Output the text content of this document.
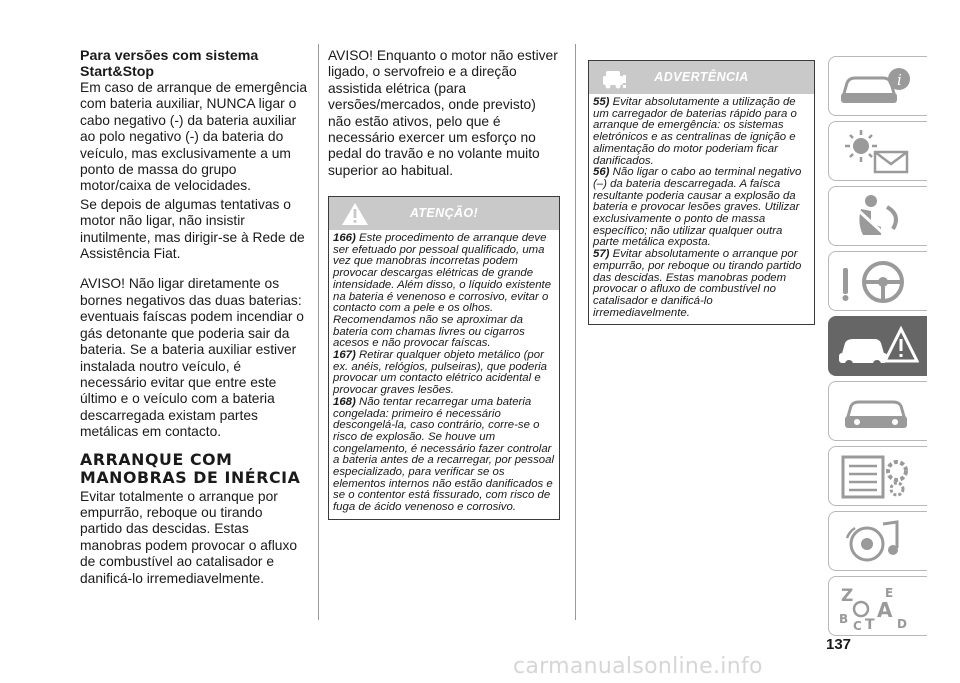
Para versões com sistema Start&Stop

Em caso de arranque de emergência com bateria auxiliar, NUNCA ligar o cabo negativo (-) da bateria auxiliar ao polo negativo (-) da bateria do veículo, mas exclusivamente a um ponto de massa do grupo motor/caixa de velocidades.

Se depois de algumas tentativas o motor não ligar, não insistir inutilmente, mas dirigir-se à Rede de Assistência Fiat.

AVISO! Não ligar diretamente os bornes negativos das duas baterias: eventuais faíscas podem incendiar o gás detonante que poderia sair da bateria. Se a bateria auxiliar estiver instalada noutro veículo, é necessário evitar que entre este último e o veículo com a bateria descarregada existam partes metálicas em contacto.

ARRANQUE COM MANOBRAS DE INÉRCIA

Evitar totalmente o arranque por empurrão, reboque ou tirando partido das descidas. Estas manobras podem provocar o afluxo de combustível ao catalisador e danificá-lo irremediavelmente.

AVISO! Enquanto o motor não estiver ligado, o servofreio e a direção assistida elétrica (para versões/mercados, onde previsto) não estão ativos, pelo que é necessário exercer um esforço no pedal do travão e no volante muito superior ao habitual.

ATENÇÃO!

166) Este procedimento de arranque deve ser efetuado por pessoal qualificado, uma vez que manobras incorretas podem provocar descargas elétricas de grande intensidade. Além disso, o líquido existente na bateria é venenoso e corrosivo, evitar o contacto com a pele e os olhos. Recomendamos não se aproximar da bateria com chamas livres ou cigarros acesos e não provocar faíscas.

167) Retirar qualquer objeto metálico (por ex. anéis, relógios, pulseiras), que poderia provocar um contacto elétrico acidental e provocar graves lesões.

168) Não tentar recarregar uma bateria congelada: primeiro é necessário descongelá-la, caso contrário, corre-se o risco de explosão. Se houve um congelamento, é necessário fazer controlar a bateria antes de a recarregar, por pessoal especializado, para verificar se os elementos internos não estão danificados e se o contentor está fissurado, com risco de fuga de ácido venenoso e corrosivo.

ADVERTÊNCIA

55) Evitar absolutamente a utilização de um carregador de baterias rápido para o arranque de emergência: os sistemas eletrónicos e as centralinas de ignição e alimentação do motor poderiam ficar danificados.

56) Não ligar o cabo ao terminal negativo (–) da bateria descarregada. A faísca resultante poderia causar a explosão da bateria e provocar lesões graves. Utilizar exclusivamente o ponto de massa específico; não utilizar qualquer outra parte metálica exposta.

57) Evitar absolutamente o arranque por empurrão, por reboque ou tirando partido das descidas. Estas manobras podem provocar o afluxo de combustível no catalisador e danificá-lo irremediavelmente.

i
Z	E
B A
C T D
137
carmanualsonline.info
